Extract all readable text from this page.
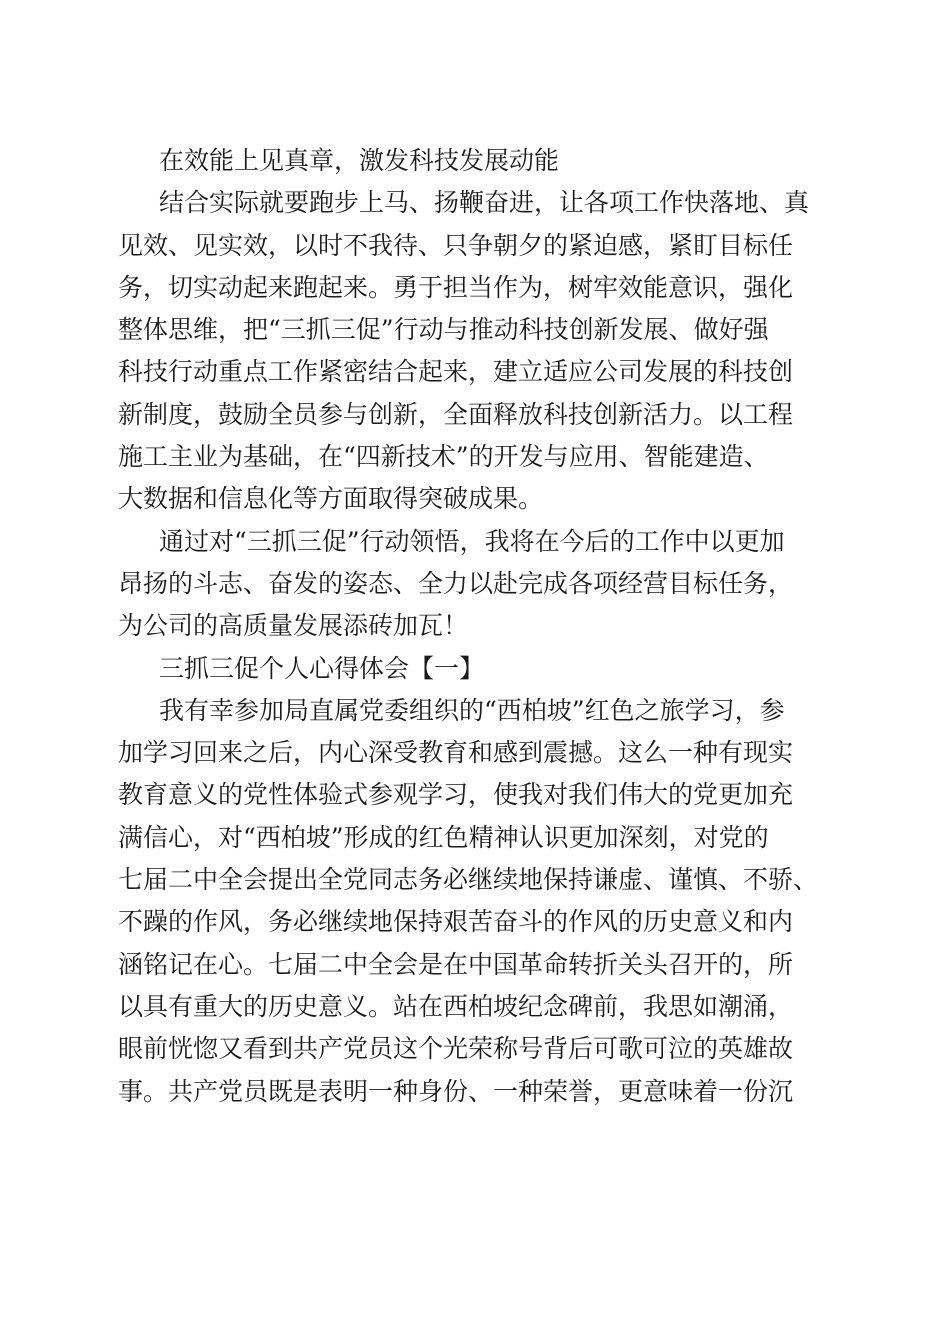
在效能上见真章，激发科技发展动能
结合实际就要跑步上马、扬鞭奋进，让各项工作快落地、真
见效、见实效，以时不我待、只争朝夕的紧迫感，紧盯目标任
务，切实动起来跑起来。勇于担当作为，树牢效能意识，强化
整体思维，把“三抓三促”行动与推动科技创新发展、做好强
科技行动重点工作紧密结合起来，建立适应公司发展的科技创
新制度，鼓励全员参与创新，全面释放科技创新活力。以工程
施工主业为基础，在“四新技术”的开发与应用、智能建造、
大数据和信息化等方面取得突破成果。
通过对“三抓三促”行动领悟，我将在今后的工作中以更加
昂扬的斗志、奋发的姿态、全力以赴完成各项经营目标任务，
为公司的高质量发展添砖加瓦！
三抓三促个人心得体会【一】
我有幸参加局直属党委组织的“西柏坡”红色之旅学习，参
加学习回来之后，内心深受教育和感到震撼。这么一种有现实
教育意义的党性体验式参观学习，使我对我们伟大的党更加充
满信心，对“西柏坡”形成的红色精神认识更加深刻，对党的
七届二中全会提出全党同志务必继续地保持谦虚、谨慎、不骄、
不躁的作风，务必继续地保持艰苦奋斗的作风的历史意义和内
涵铭记在心。七届二中全会是在中国革命转折关头召开的，所
以具有重大的历史意义。站在西柏坡纪念碑前，我思如潮涌，
眼前恍惚又看到共产党员这个光荣称号背后可歌可泣的英雄故
事。共产党员既是表明一种身份、一种荣誉，更意味着一份沉
